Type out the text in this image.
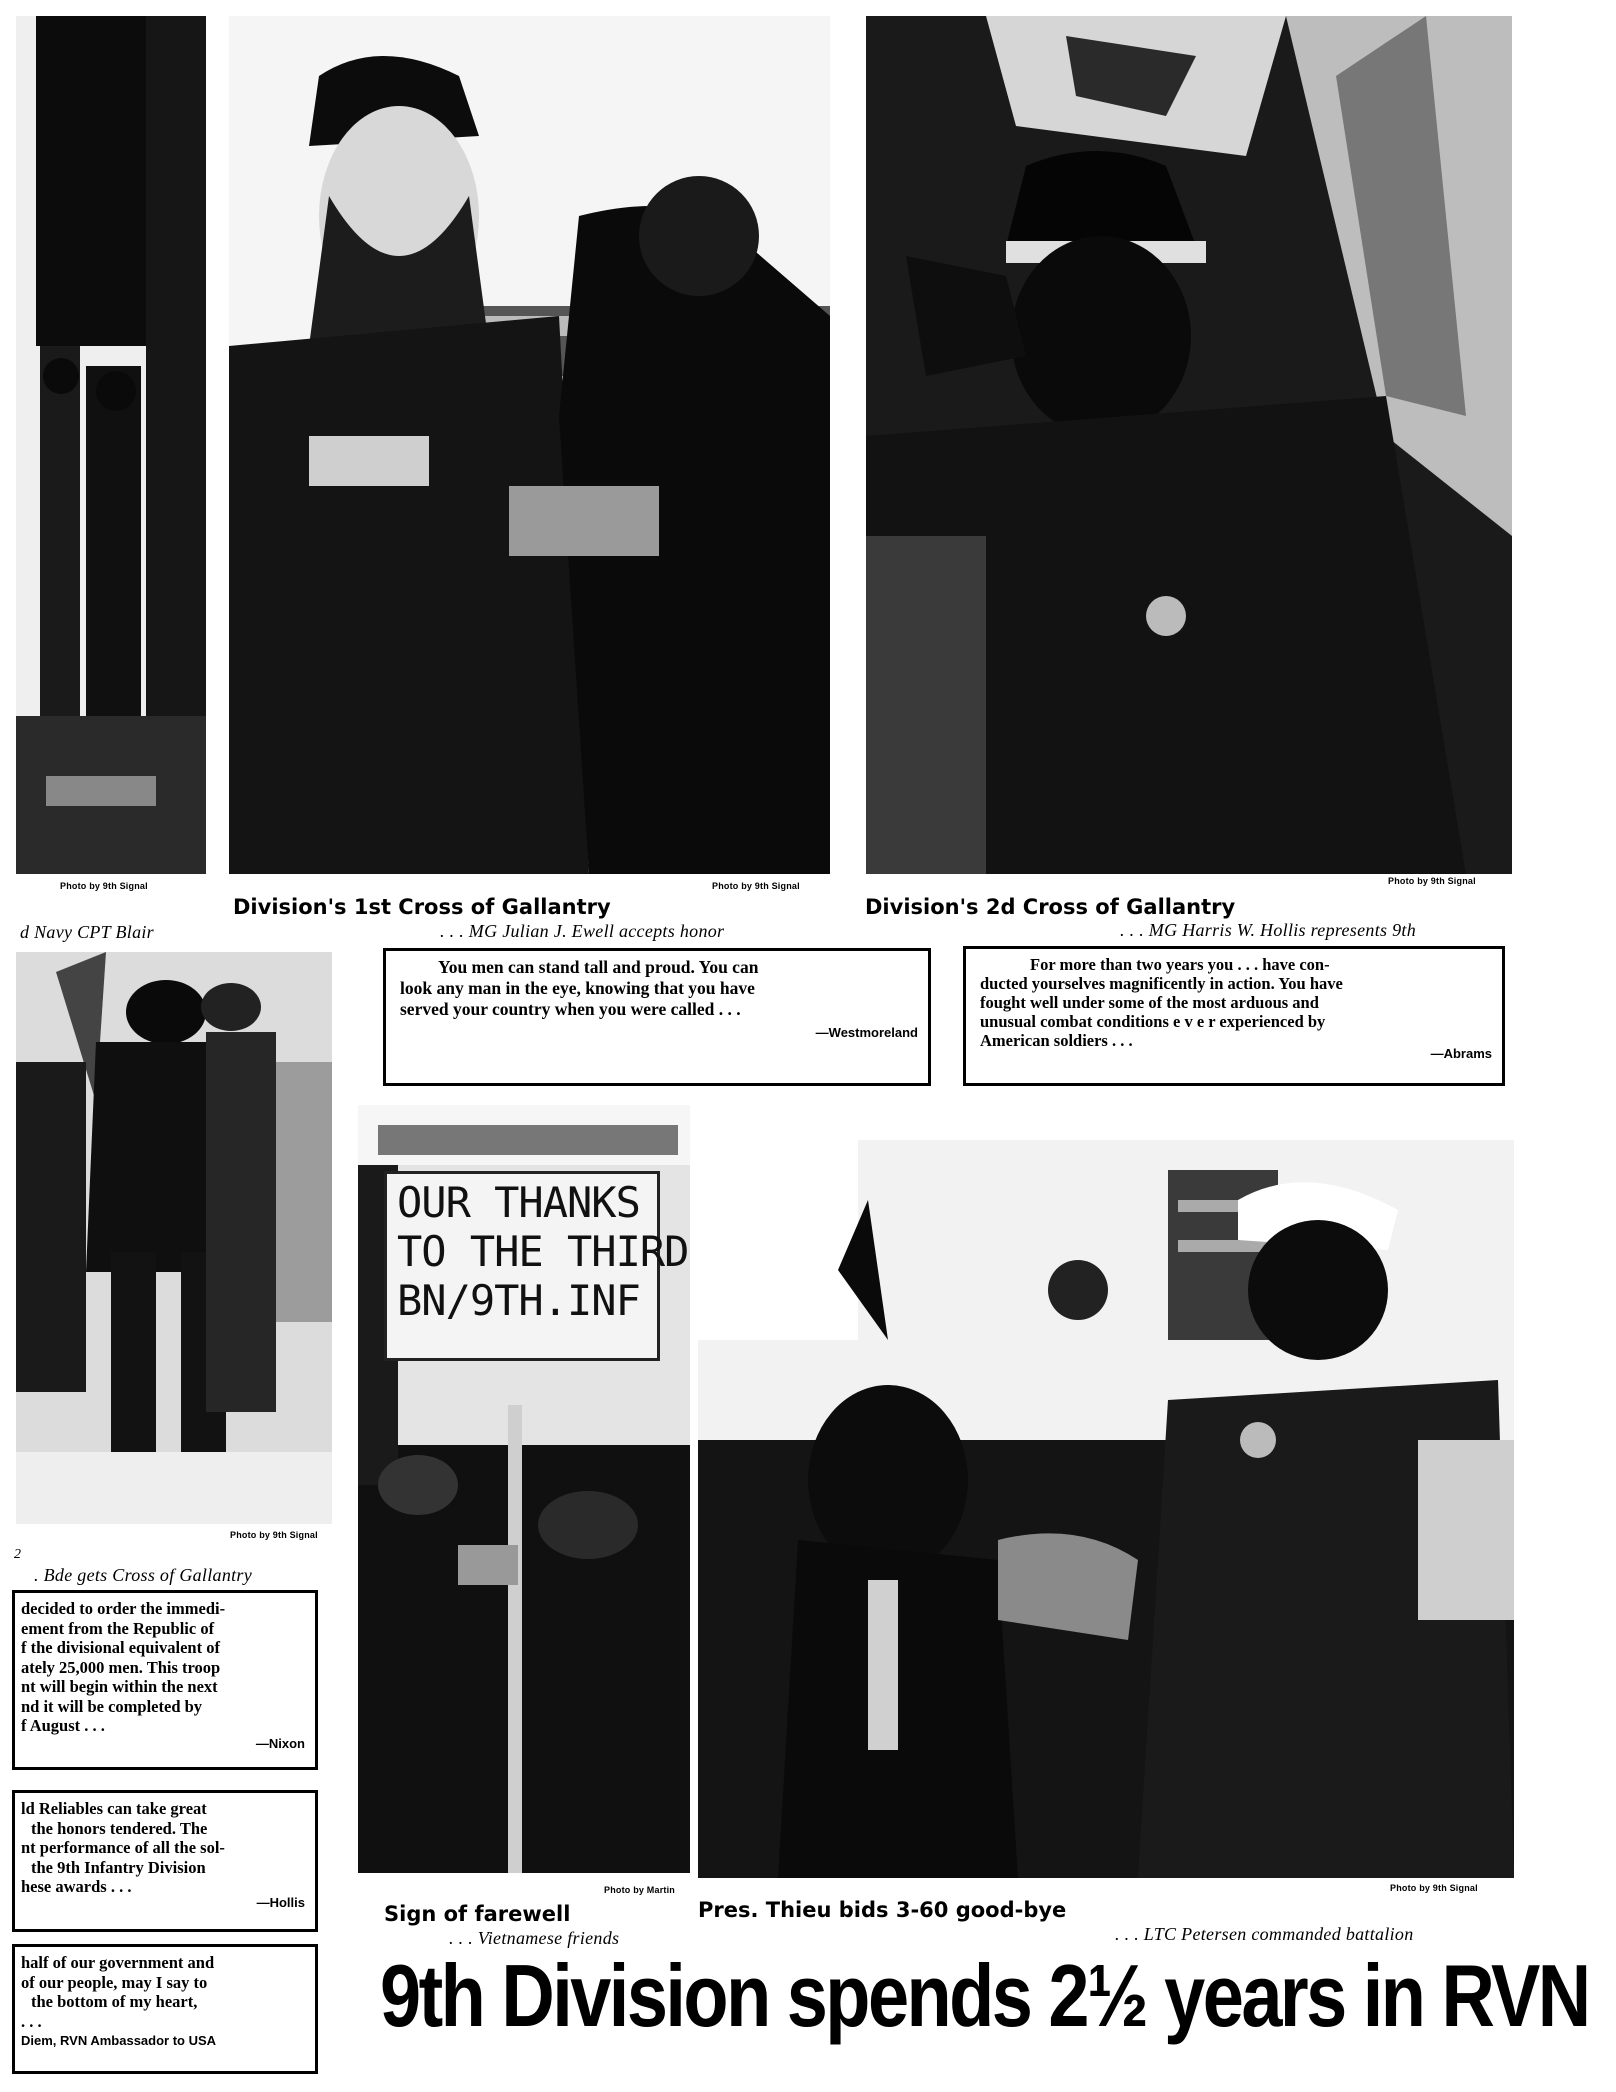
Photo by 9th Signal
d Navy CPT Blair
Photo by 9th Signal
Division's 1st Cross of Gallantry
. . . MG Julian J. Ewell accepts honor
Photo by 9th Signal
Division's 2d Cross of Gallantry
. . . MG Harris W. Hollis represents 9th
You men can stand tall and proud. You can
look any man in the eye, knowing that you have
served your country when you were called . . .
—Westmoreland
For more than two years you . . . have con-
ducted yourselves magnificently in action. You have
fought well under some of the most arduous and
unusual combat conditions e v e r experienced by
American soldiers . . .
—Abrams
Photo by 9th Signal
2
. Bde gets Cross of Gallantry
decided to order the immedi-
ement from the Republic of
f the divisional equivalent of
ately 25,000 men. This troop
nt will begin within the next
nd it will be completed by
f August . . .
—Nixon
ld Reliables can take great
the honors tendered. The
nt performance of all the sol-
the 9th Infantry Division
hese awards . . .
—Hollis
half of our government and
of our people, may I say to
the bottom of my heart,
. . .
Diem, RVN Ambassador to USA
OUR THANKS
TO THE THIRD
BN/9TH.INF
Photo by Martin
Sign of farewell
. . . Vietnamese friends
Photo by 9th Signal
Pres. Thieu bids 3-60 good-bye
. . . LTC Petersen commanded battalion
9th Division spends 2½ years in RVN
